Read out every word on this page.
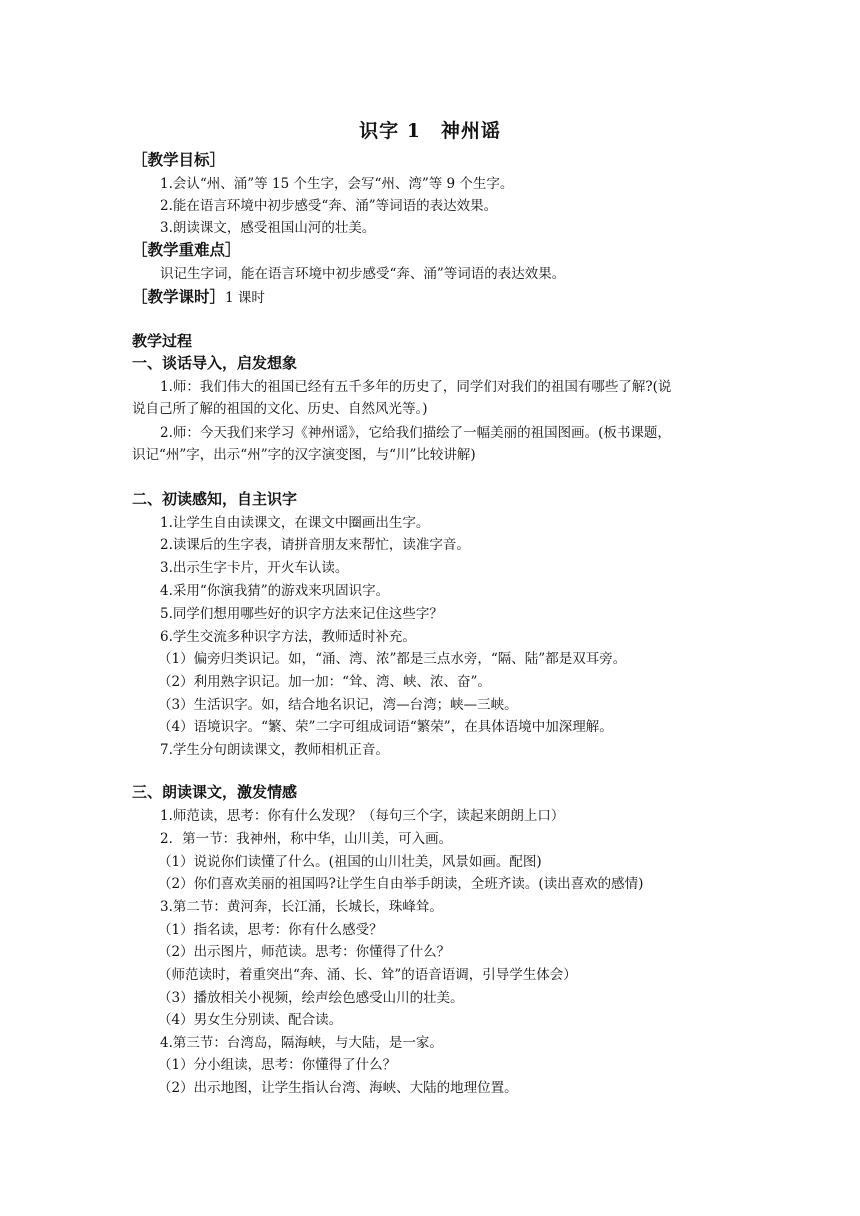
识字 1　神州谣
［教学目标］
1.会认“州、涌”等 15 个生字，会写“州、湾”等 9 个生字。
2.能在语言环境中初步感受“奔、涌”等词语的表达效果。
3.朗读课文，感受祖国山河的壮美。
［教学重难点］
识记生字词，能在语言环境中初步感受“奔、涌”等词语的表达效果。
［教学课时］1 课时
教学过程
一、谈话导入，启发想象
1.师：我们伟大的祖国已经有五千多年的历史了，同学们对我们的祖国有哪些了解?(说
说自己所了解的祖国的文化、历史、自然风光等。)
2.师：今天我们来学习《神州谣》，它给我们描绘了一幅美丽的祖国图画。(板书课题，
识记“州”字，出示“州”字的汉字演变图，与“川”比较讲解)
二、初读感知，自主识字
1.让学生自由读课文，在课文中圈画出生字。
2.读课后的生字表，请拼音朋友来帮忙，读准字音。
3.出示生字卡片，开火车认读。
4.采用“你演我猜”的游戏来巩固识字。
5.同学们想用哪些好的识字方法来记住这些字？
6.学生交流多种识字方法，教师适时补充。
（1）偏旁归类识记。如，“涌、湾、浓”都是三点水旁，“隔、陆”都是双耳旁。
（2）利用熟字识记。加一加：“耸、湾、峡、浓、奋”。
（3）生活识字。如，结合地名识记，湾—台湾；峡—三峡。
（4）语境识字。“繁、荣”二字可组成词语“繁荣”，在具体语境中加深理解。
7.学生分句朗读课文，教师相机正音。
三、朗读课文，激发情感
1.师范读，思考：你有什么发现？（每句三个字，读起来朗朗上口）
2．第一节：我神州，称中华，山川美，可入画。
（1）说说你们读懂了什么。(祖国的山川壮美，风景如画。配图)
（2）你们喜欢美丽的祖国吗?让学生自由举手朗读，全班齐读。(读出喜欢的感情)
3.第二节：黄河奔，长江涌，长城长，珠峰耸。
（1）指名读，思考：你有什么感受？
（2）出示图片，师范读。思考：你懂得了什么？
（师范读时，着重突出“奔、涌、长、耸”的语音语调，引导学生体会）
（3）播放相关小视频，绘声绘色感受山川的壮美。
（4）男女生分别读、配合读。
4.第三节：台湾岛，隔海峡，与大陆，是一家。
（1）分小组读，思考：你懂得了什么？
（2）出示地图，让学生指认台湾、海峡、大陆的地理位置。
